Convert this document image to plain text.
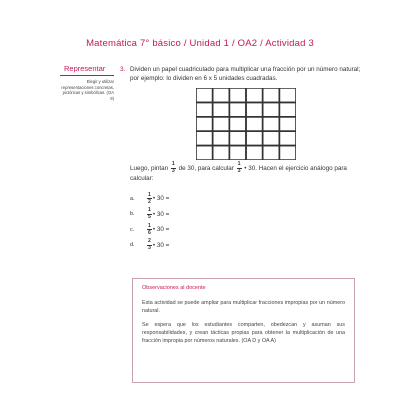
Matemática 7° básico / Unidad 1 / OA2 / Actividad 3
Representar
Elegir y utilizar representaciones concretas, pictóricas y simbólicas. (OA 9)
3. Dividen un papel cuadriculado para multiplicar una fracción por un número natural; por ejemplo: lo dividen en 6 x 5 unidades cuadradas.
Luego, pintan $\frac{1}{3}$ de 30, para calcular $\frac{1}{3}$ • 30. Hacen el ejercicio análogo para calcular:
a.	$\frac{1}{2}$ • 30 =
b.	$\frac{1}{5}$ • 30 =
c.	$\frac{1}{6}$ • 30 =
d.	$\frac{2}{3}$ • 30 =
Observaciones al docente

Esta actividad se puede ampliar para multiplicar fracciones impropias por un número natural.

Se espera que los estudiantes comparten, obedezcan y asuman sus responsabilidades, y crean tácticas propias para obtener la multiplicación de una fracción impropia por números naturales. (OA D y OA A)
